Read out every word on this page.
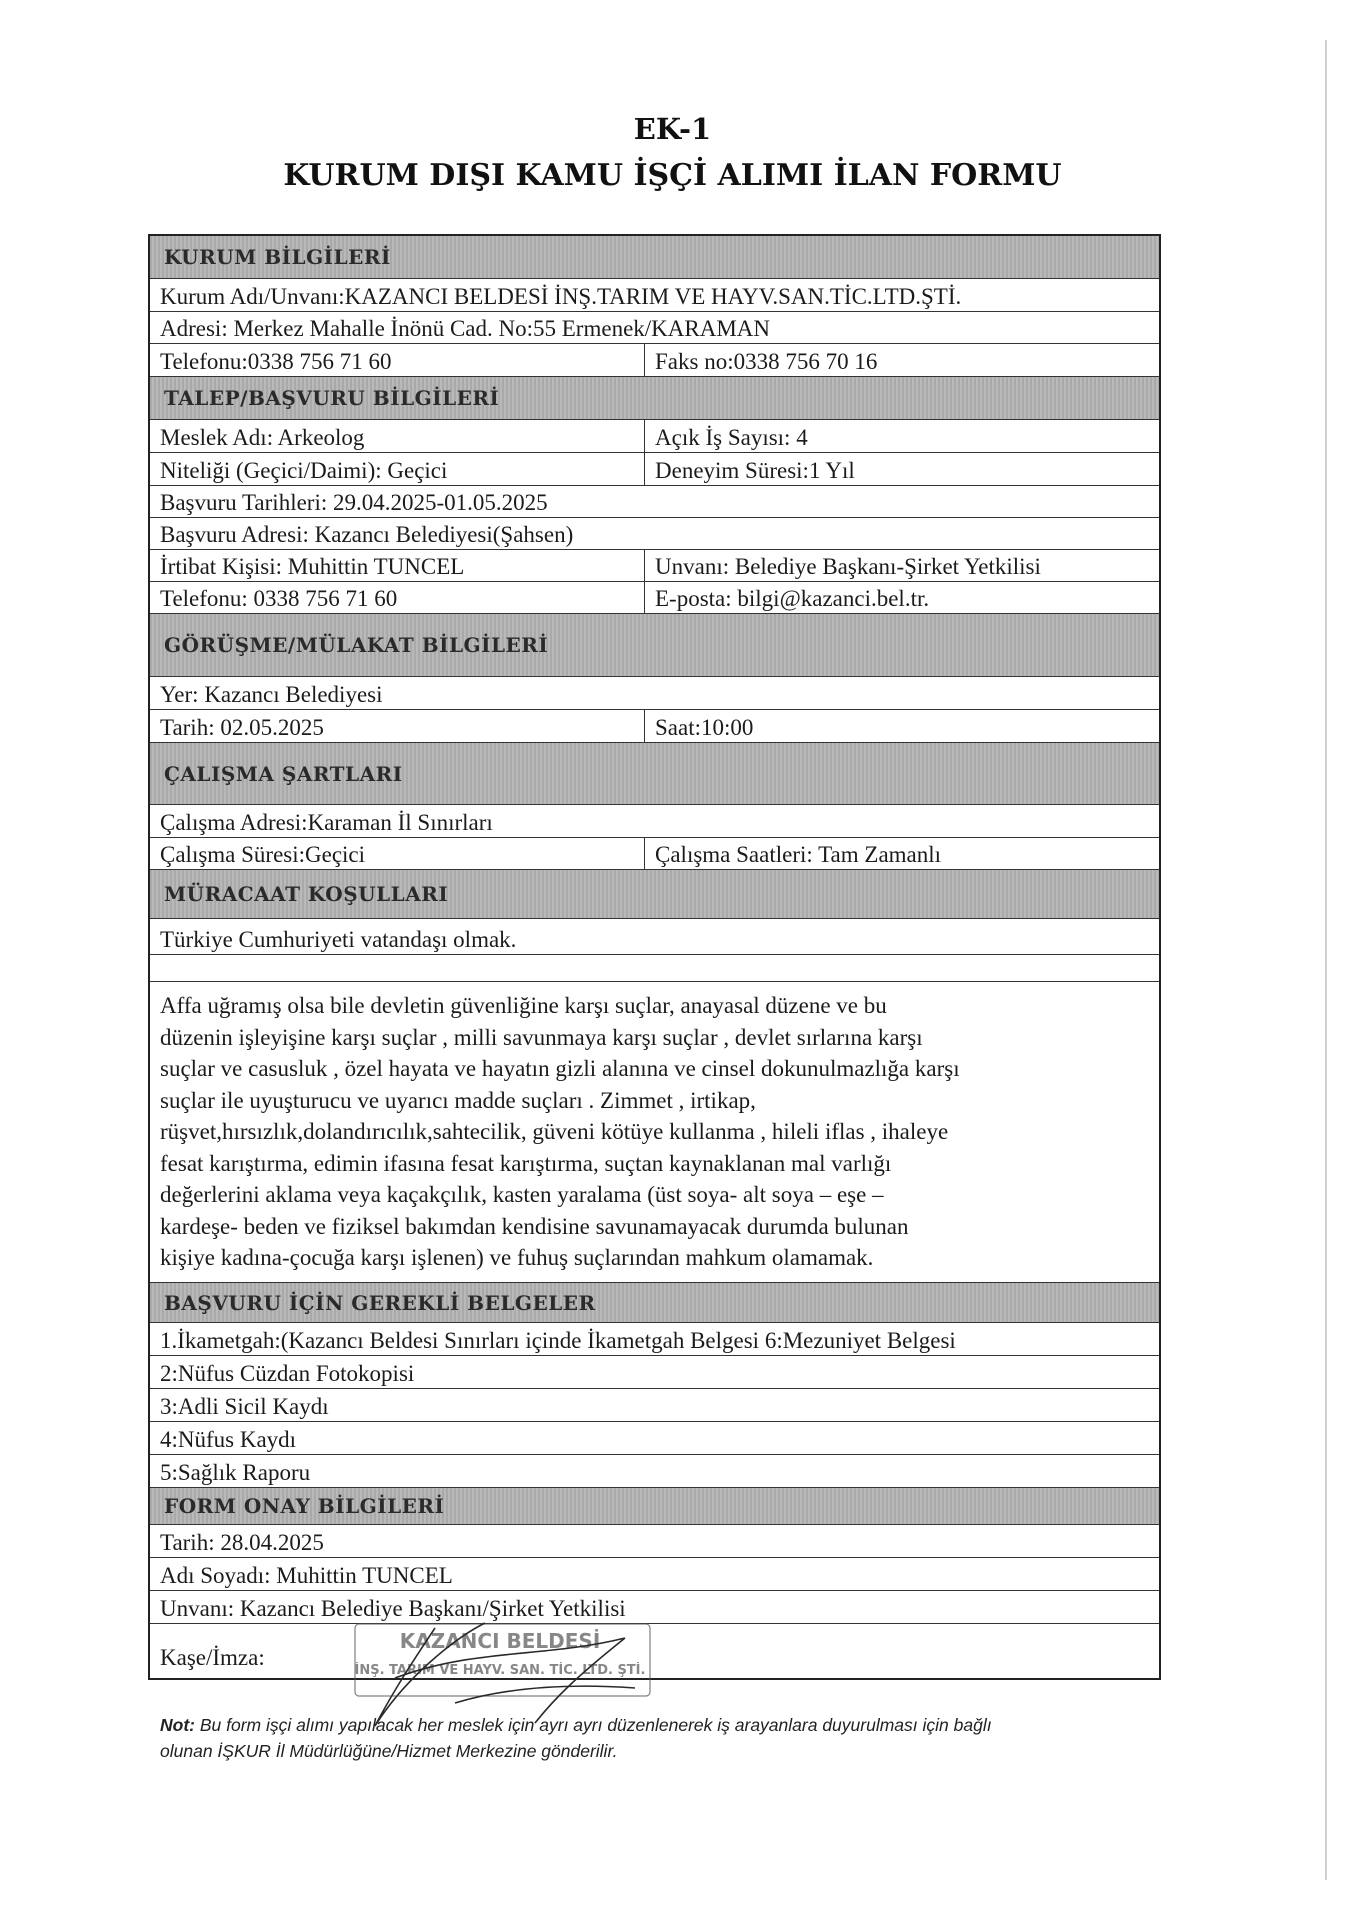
EK-1
KURUM DIŞI KAMU İŞÇİ ALIMI İLAN FORMU
KURUM BİLGİLERİ
Kurum Adı/Unvanı:KAZANCI BELDESİ İNŞ.TARIM VE HAYV.SAN.TİC.LTD.ŞTİ.
Adresi: Merkez Mahalle İnönü Cad. No:55 Ermenek/KARAMAN
Telefonu:0338 756 71 60	Faks no:0338 756 70 16
TALEP/BAŞVURU BİLGİLERİ
Meslek Adı: Arkeolog	Açık İş Sayısı: 4
Niteliği (Geçici/Daimi): Geçici	Deneyim Süresi:1 Yıl
Başvuru Tarihleri: 29.04.2025-01.05.2025
Başvuru Adresi: Kazancı Belediyesi(Şahsen)
İrtibat Kişisi: Muhittin TUNCEL	Unvanı: Belediye Başkanı-Şirket Yetkilisi
Telefonu: 0338 756 71 60	E-posta: bilgi@kazanci.bel.tr.
GÖRÜŞME/MÜLAKAT BİLGİLERİ
Yer: Kazancı Belediyesi
Tarih: 02.05.2025	Saat:10:00
ÇALIŞMA ŞARTLARI
Çalışma Adresi:Karaman İl Sınırları
Çalışma Süresi:Geçici	Çalışma Saatleri: Tam Zamanlı
MÜRACAAT KOŞULLARI
Türkiye Cumhuriyeti vatandaşı olmak.
Affa uğramış olsa bile devletin güvenliğine karşı suçlar, anayasal düzene ve bu
düzenin işleyişine karşı suçlar , milli savunmaya karşı suçlar , devlet sırlarına karşı
suçlar ve casusluk , özel hayata ve hayatın gizli alanına ve cinsel dokunulmazlığa karşı
suçlar ile uyuşturucu ve uyarıcı madde suçları . Zimmet , irtikap,
rüşvet,hırsızlık,dolandırıcılık,sahtecilik, güveni kötüye kullanma , hileli iflas , ihaleye
fesat karıştırma, edimin ifasına fesat karıştırma, suçtan kaynaklanan mal varlığı
değerlerini aklama veya kaçakçılık, kasten yaralama (üst soya- alt soya – eşe –
kardeşe- beden ve fiziksel bakımdan kendisine savunamayacak durumda bulunan
kişiye kadına-çocuğa karşı işlenen) ve fuhuş suçlarından mahkum olamamak.
BAŞVURU İÇİN GEREKLİ BELGELER
1.İkametgah:(Kazancı Beldesi Sınırları içinde İkametgah Belgesi 6:Mezuniyet Belgesi
2:Nüfus Cüzdan Fotokopisi
3:Adli Sicil Kaydı
4:Nüfus Kaydı
5:Sağlık Raporu
FORM ONAY BİLGİLERİ
Tarih: 28.04.2025
Adı Soyadı: Muhittin TUNCEL
Unvanı: Kazancı Belediye Başkanı/Şirket Yetkilisi
Kaşe/İmza:
KAZANCI BELDESİ
İNŞ. TARIM VE HAYV. SAN. TİC. LTD. ŞTİ.
Not: Bu form işçi alımı yapılacak her meslek için ayrı ayrı düzenlenerek iş arayanlara duyurulması için bağlı
olunan İŞKUR İl Müdürlüğüne/Hizmet Merkezine gönderilir.
